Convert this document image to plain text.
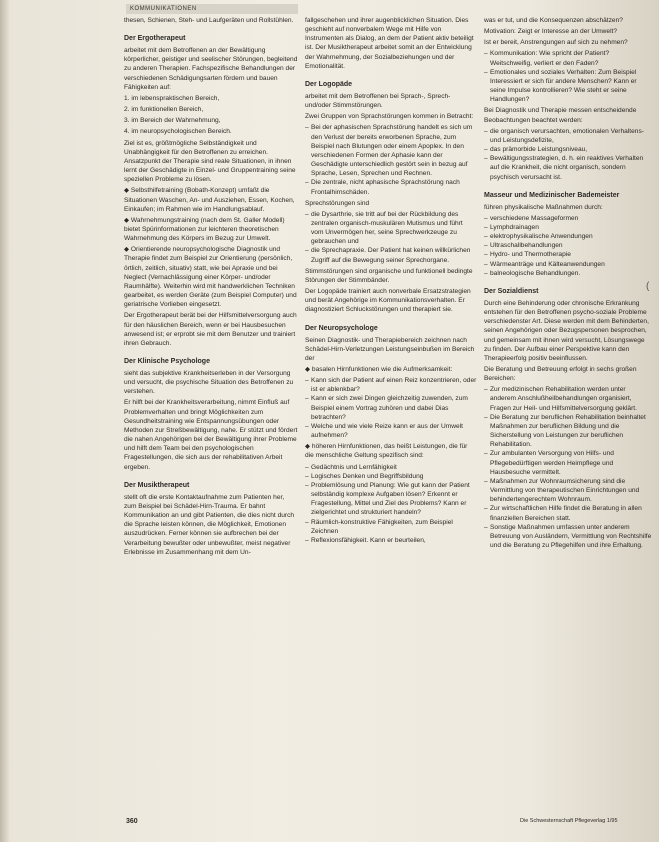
KOMMUNIKATIONEN

thesen, Schienen, Steh- und Laufgeräten und Rollstühlen.

Der Ergotherapeut

arbeitet mit dem Betroffenen an der Bewältigung körperlicher, geistiger und seelischer Störungen, begleitend zu anderen Therapien. Fachspezifische Behandlungen der verschiedenen Schädigungsarten fördern und bauen Fähigkeiten auf:

1. im lebenspraktischen Bereich,

2. im funktionellen Bereich,

3. im Bereich der Wahrnehmung,

4. im neuropsychologischen Bereich.

Ziel ist es, größtmögliche Selbständigkeit und Unabhängigkeit für den Betroffenen zu erreichen. Ansatzpunkt der Therapie sind reale Situationen, in ihnen lernt der Geschädigte in Einzel- und Gruppentraining seine speziellen Probleme zu lösen.

◆ Selbsthilfetraining (Bobath-Konzept) umfaßt die Situationen Waschen, An- und Ausziehen, Essen, Kochen, Einkaufen; im Rahmen wie im Handlungsablauf.

◆ Wahrnehmungstraining (nach dem St. Galler Modell) bietet Spürinformationen zur leichteren theoretischen Wahrnehmung des Körpers im Bezug zur Umwelt.

◆ Orientierende neuropsychologische Diagnostik und Therapie findet zum Beispiel zur Orientierung (persönlich, örtlich, zeitlich, situativ) statt, wie bei Apraxie und bei Neglect (Vernachlässigung einer Körper- und/oder Raumhälfte). Weiterhin wird mit handwerklichen Techniken gearbeitet, es werden Geräte (zum Beispiel Computer) und geriatrische Vorlieben eingesetzt.

Der Ergotherapeut berät bei der Hilfsmittelversorgung auch für den häuslichen Bereich, wenn er bei Hausbesuchen anwesend ist; er erprobt sie mit dem Benutzer und trainiert ihren Gebrauch.

Der Klinische Psychologe

sieht das subjektive Krankheitserleben in der Versorgung und versucht, die psychische Situation des Betroffenen zu verstehen.

Er hilft bei der Krankheitsverarbeitung, nimmt Einfluß auf Problemverhalten und bringt Möglichkeiten zum Gesundheitstraining wie Entspannungsübungen oder Methoden zur Streßbewältigung, nahe. Er stützt und fördert die nahen Angehörigen bei der Bewältigung ihrer Probleme und hilft dem Team bei den psychologischen Fragestellungen, die sich aus der rehabilitativen Arbeit ergeben.

Der Musiktherapeut

stellt oft die erste Kontaktaufnahme zum Patienten her, zum Beispiel bei Schädel-Hirn-Trauma. Er bahnt Kommunikation an und gibt Patienten, die dies nicht durch die Sprache leisten können, die Möglichkeit, Emotionen auszudrücken. Ferner können sie aufbrechen bei der Verarbeitung bewußter oder unbewußter, meist negativer Erlebnisse im Zusammenhang mit dem Un-

fallgeschehen und ihrer augenblicklichen Situation. Dies geschieht auf nonverbalem Wege mit Hilfe von Instrumenten als Dialog, an dem der Patient aktiv beteiligt ist. Der Musiktherapeut arbeitet somit an der Entwicklung der Wahrnehmung, der Sozialbeziehungen und der Emotionalität.

Der Logopäde

arbeitet mit dem Betroffenen bei Sprach-, Sprech- und/oder Stimmstörungen.

Zwei Gruppen von Sprachstörungen kommen in Betracht:

– Bei der aphasischen Sprachstörung handelt es sich um den Verlust der bereits erworbenen Sprache, zum Beispiel nach Blutungen oder einem Apoplex. In den verschiedenen Formen der Aphasie kann der Geschädigte unterschiedlich gestört sein in bezug auf Sprache, Lesen, Sprechen und Rechnen.
– Die zentrale, nicht aphasische Sprachstörung nach Frontalhirnschäden.

Sprechstörungen sind

– die Dysarthrie, sie tritt auf bei der Rückbildung des zentralen organisch-muskulären Mutismus und führt vom Unvermögen her, seine Sprechwerkzeuge zu gebrauchen und
– die Sprechapraxie. Der Patient hat keinen willkürlichen Zugriff auf die Bewegung seiner Sprechorgane.

Stimmstörungen sind organische und funktionell bedingte Störungen der Stimmbänder.

Der Logopäde trainiert auch nonverbale Ersatzstrategien und berät Angehörige im Kommunikationsverhalten. Er diagnostiziert Schluckstörungen und therapiert sie.

Der Neuropsychologe

Seinen Diagnostik- und Therapiebereich zeichnen nach Schädel-Hirn-Verletzungen Leistungseinbußen im Bereich der

◆ basalen Hirnfunktionen wie die Aufmerksamkeit:

– Kann sich der Patient auf einen Reiz konzentrieren, oder ist er ablenkbar?
– Kann er sich zwei Dingen gleichzeitig zuwenden, zum Beispiel einem Vortrag zuhören und dabei Dias betrachten?
– Welche und wie viele Reize kann er aus der Umwelt aufnehmen?

◆ höheren Hirnfunktionen, das heißt Leistungen, die für die menschliche Geltung spezifisch sind:

– Gedächtnis und Lernfähigkeit
– Logisches Denken und Begriffsbildung
– Problemlösung und Planung: Wie gut kann der Patient selbständig komplexe Aufgaben lösen? Erkennt er Fragestellung, Mittel und Ziel des Problems? Kann er zielgerichtet und strukturiert handeln?
– Räumlich-konstruktive Fähigkeiten, zum Beispiel Zeichnen
– Reflexionsfähigkeit. Kann er beurteilen,

was er tut, und die Konsequenzen abschätzen?

Motivation: Zeigt er Interesse an der Umwelt?

Ist er bereit, Anstrengungen auf sich zu nehmen?

– Kommunikation: Wie spricht der Patient? Weitschweifig, verliert er den Faden?
– Emotionales und soziales Verhalten: Zum Beispiel Interessiert er sich für andere Menschen? Kann er seine Impulse kontrollieren? Wie steht er seine Handlungen?

Bei Diagnostik und Therapie messen entscheidende Beobachtungen beachtet werden:

– die organisch verursachten, emotionalen Verhaltens- und Leistungsdefizite,
– das prämorbide Leistungsniveau,
– Bewältigungsstrategien, d. h. ein reaktives Verhalten auf die Krankheit, die nicht organisch, sondern psychisch verursacht ist.
Masseur und Medizinischer Bademeister

führen physikalische Maßnahmen durch:

– verschiedene Massageformen
– Lymphdrainagen
– elektrophysikalische Anwendungen
– Ultraschallbehandlungen
– Hydro- und Thermotherapie
– Wärmeanträge und Kälteanwendungen
– balneologische Behandlungen.
Der Sozialdienst

Durch eine Behinderung oder chronische Erkrankung entstehen für den Betroffenen psycho-soziale Probleme verschiedenster Art. Diese werden mit dem Behinderten, seinen Angehörigen oder Bezugspersonen besprochen, und gemeinsam mit ihnen wird versucht, Lösungswege zu finden. Der Aufbau einer Perspektive kann den Therapieerfolg positiv beeinflussen.

Die Beratung und Betreuung erfolgt in sechs großen Bereichen:

– Zur medizinischen Rehabilitation werden unter anderem Anschlußheilbehandlungen organisiert, Fragen zur Heil- und Hilfsmittelversorgung geklärt.
– Die Beratung zur beruflichen Rehabilitation beinhaltet Maßnahmen zur beruflichen Bildung und die Sicherstellung von Leistungen zur beruflichen Rehabilitation.
– Zur ambulanten Versorgung von Hilfs- und Pflegebedürftigen werden Heimpflege und Hausbesuche vermittelt.
– Maßnahmen zur Wohnraumsicherung sind die Vermittlung von therapeutischen Einrichtungen und behindertengerechtem Wohnraum.
– Zur wirtschaftlichen Hilfe findet die Beratung in allen finanziellen Bereichen statt.
– Sonstige Maßnahmen umfassen unter anderem Betreuung von Ausländern, Vermittlung von Rechtshilfe und die Beratung zu Pflegehilfen und ihre Erhaltung.
360	Die Schwesternschaft Pflegeverlag 1/95
(
